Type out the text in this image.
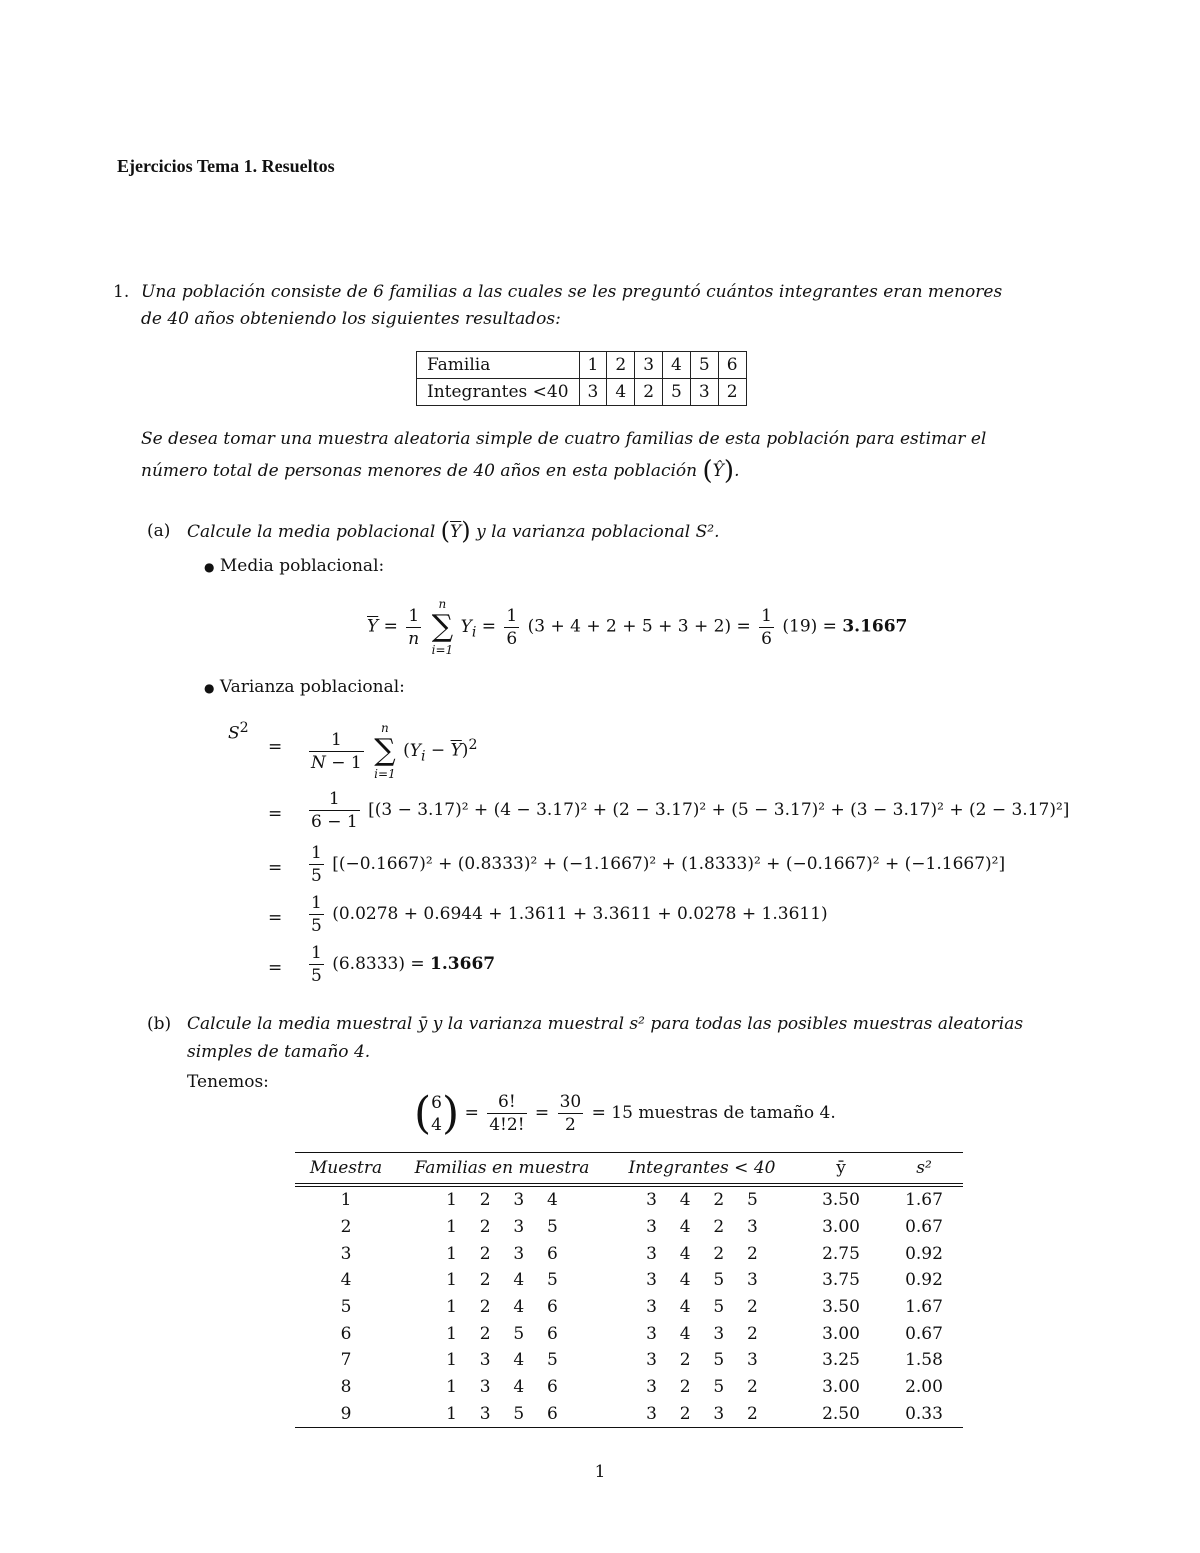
Ejercicios Tema 1. Resueltos
1. Una población consiste de 6 familias a las cuales se les preguntó cuántos integrantes eran menores
de 40 años obteniendo los siguientes resultados:
Familia	1	2	3	4	5	6
Integrantes <40	3	4	2	5	3	2
Se desea tomar una muestra aleatoria simple de cuatro familias de esta población para estimar el
número total de personas menores de 40 años en esta población (Ŷ).
(a) Calcule la media poblacional $(\overline{Y})$ y la varianza poblacional S².
● Media poblacional:
$\overline{Y} = \frac{1}{n}$

n
∑
i=1
$Y_i = \frac{1}{6} (3 + 4 + 2 + 5 + 3 + 2) = \frac{1}{6} (19) = 3.1667$
● Varianza poblacional:
$S^2$
= $\frac{1}{N - 1}$

n
∑
i=1
$(Y_i - \overline{Y})^2$
= $\frac{1}{6 - 1} [(3 - 3.17)^2 + (4 - 3.17)^2 + (2 - 3.17)^2 + (5 - 3.17)^2 + (3 - 3.17)^2 + (2 - 3.17)^2]$
= $\frac{1}{5} [(-0.1667)^2 + (0.8333)^2 + (-1.1667)^2 + (1.8333)^2 + (-0.1667)^2 + (-1.1667)^2]$
= $\frac{1}{5} (0.0278 + 0.6944 + 1.3611 + 3.3611 + 0.0278 + 1.3611)$
= $\frac{1}{5} (6.8333) = 1.3667$
(b) Calcule la media muestral ȳ y la varianza muestral s² para todas las posibles muestras aleatorias
simples de tamaño 4.
Tenemos:
( 6
4 ) = $\frac{6!}{4!2!} = \frac{30}{2} = 15$ muestras de tamaño 4.
Muestra	Familias en muestra	Integrantes < 40	ȳ	s²
1	1  2  3  4	3  4  2  5	3.50	1.67
2	1  2  3  5	3  4  2  3	3.00	0.67
3	1  2  3  6	3  4  2  2	2.75	0.92
4	1  2  4  5	3  4  5  3	3.75	0.92
5	1  2  4  6	3  4  5  2	3.50	1.67
6	1  2  5  6	3  4  3  2	3.00	0.67
7	1  3  4  5	3  2  5  3	3.25	1.58
8	1  3  4  6	3  2  5  2	3.00	2.00
9	1  3  5  6	3  2  3  2	2.50	0.33
1
